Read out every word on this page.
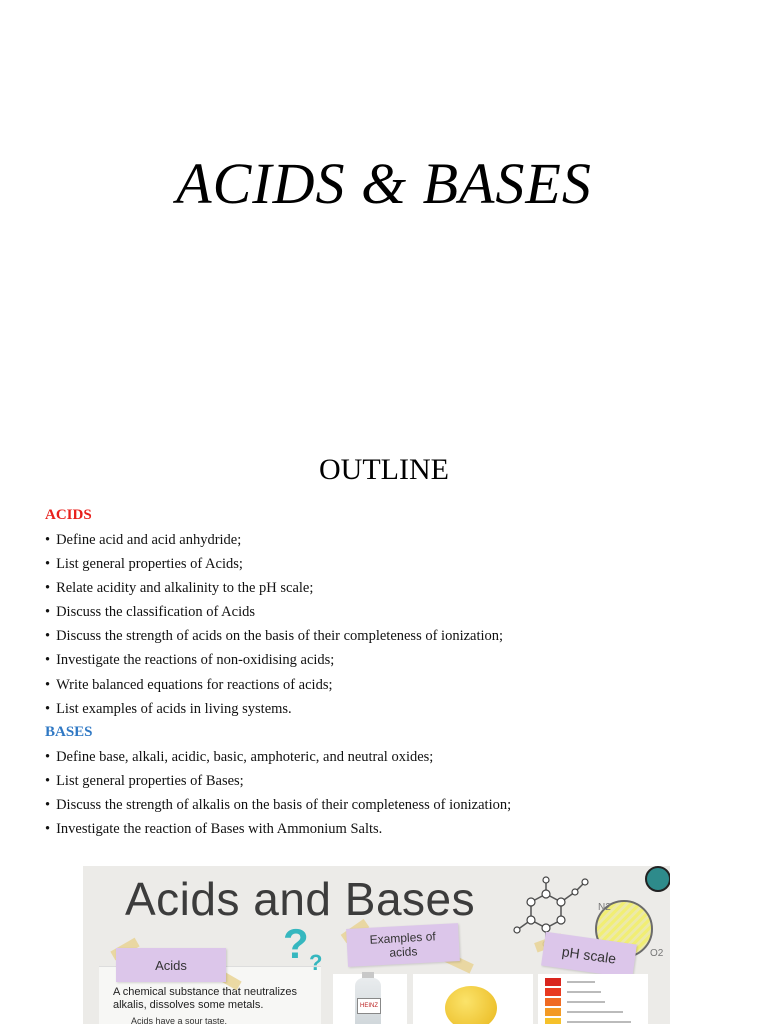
ACIDS & BASES
OUTLINE
ACIDS
• Define acid and acid anhydride;
• List general properties of Acids;
• Relate acidity and alkalinity to the pH scale;
• Discuss the classification of Acids
• Discuss the strength of acids on the basis of their completeness of ionization;
• Investigate the reactions of non-oxidising acids;
• Write balanced equations for reactions of acids;
• List examples of acids in living systems.
BASES
• Define base, alkali, acidic, basic, amphoteric, and neutral oxides;
• List general properties of Bases;
• Discuss the strength of alkalis on the basis of their completeness of ionization;
• Investigate the reaction of Bases with Ammonium Salts.
Acids and Bases	N2
O2
A chemical substance that neutralizes alkalis, dissolves some metals.
Acids have a sour taste.
Acids	? ?
Examples of
acids	pH scale
HEINZ
